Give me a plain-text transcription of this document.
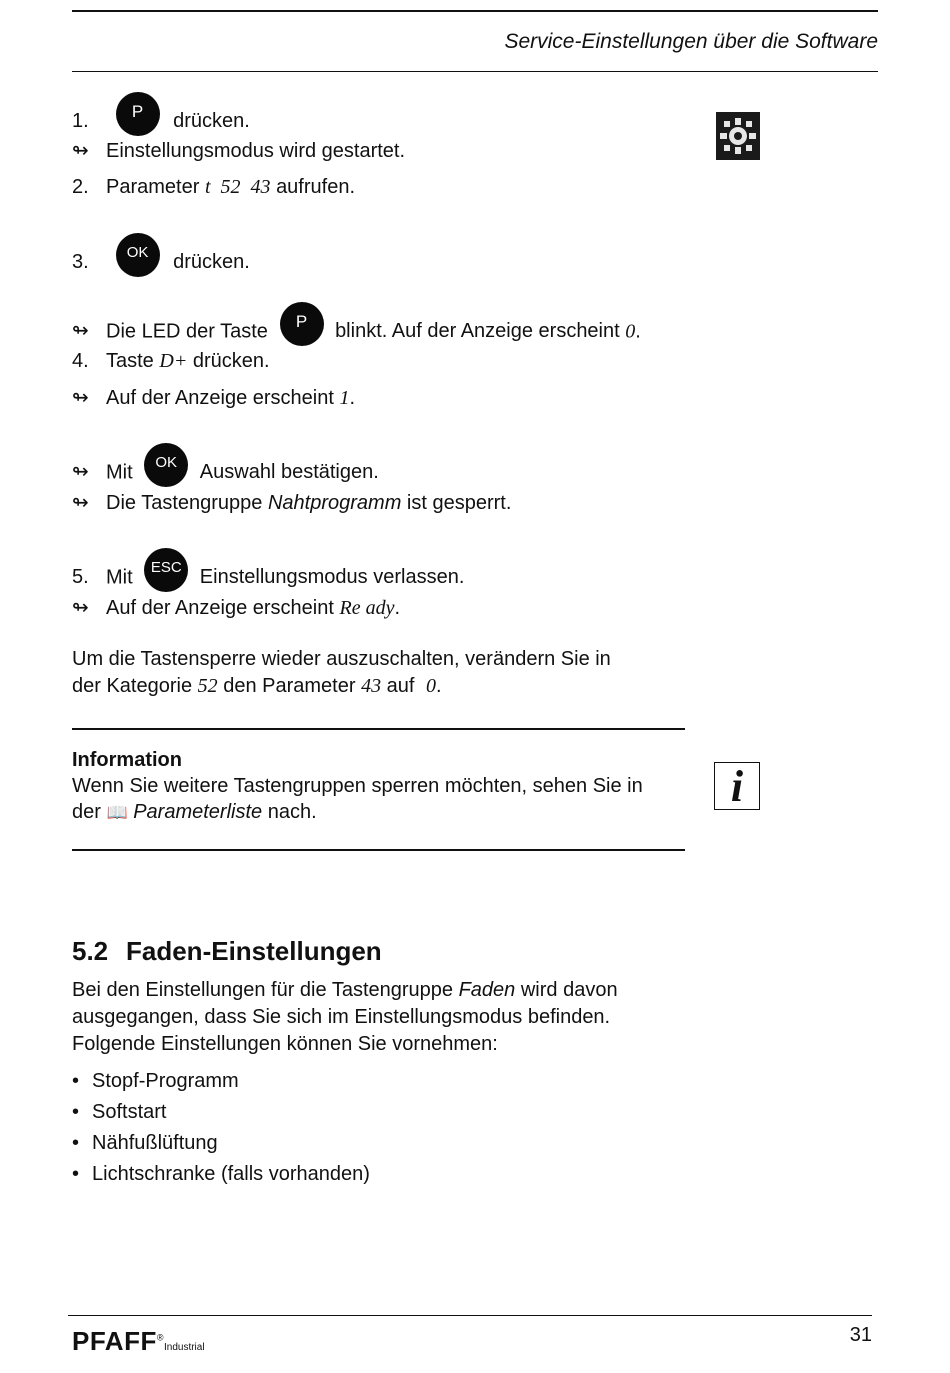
Service-Einstellungen über die Software
1.	P drücken.
↬ Einstellungsmodus wird gestartet.
2. Parameter t  52  43 aufrufen.
3.	OK drücken.
↬ Die LED der Taste P blinkt. Auf der Anzeige erscheint 0.
4. Taste D+ drücken.
↬ Auf der Anzeige erscheint 1.
↬ Mit OK Auswahl bestätigen.
↬ Die Tastengruppe Nahtprogramm ist gesperrt.
5. Mit ESC Einstellungsmodus verlassen.
↬ Auf der Anzeige erscheint Re ady.
Um die Tastensperre wieder auszuschalten, verändern Sie in
der Kategorie 52 den Parameter 43 auf 0.
Information
Wenn Sie weitere Tastengruppen sperren möchten, sehen Sie in
der 📖 Parameterliste nach.
i
5.2 Faden-Einstellungen
Bei den Einstellungen für die Tastengruppe Faden wird davon
ausgegangen, dass Sie sich im Einstellungsmodus befinden.
Folgende Einstellungen können Sie vornehmen:
• Stopf-Programm
• Softstart
• Nähfußlüftung
• Lichtschranke (falls vorhanden)
PFAFF®Industrial
31
